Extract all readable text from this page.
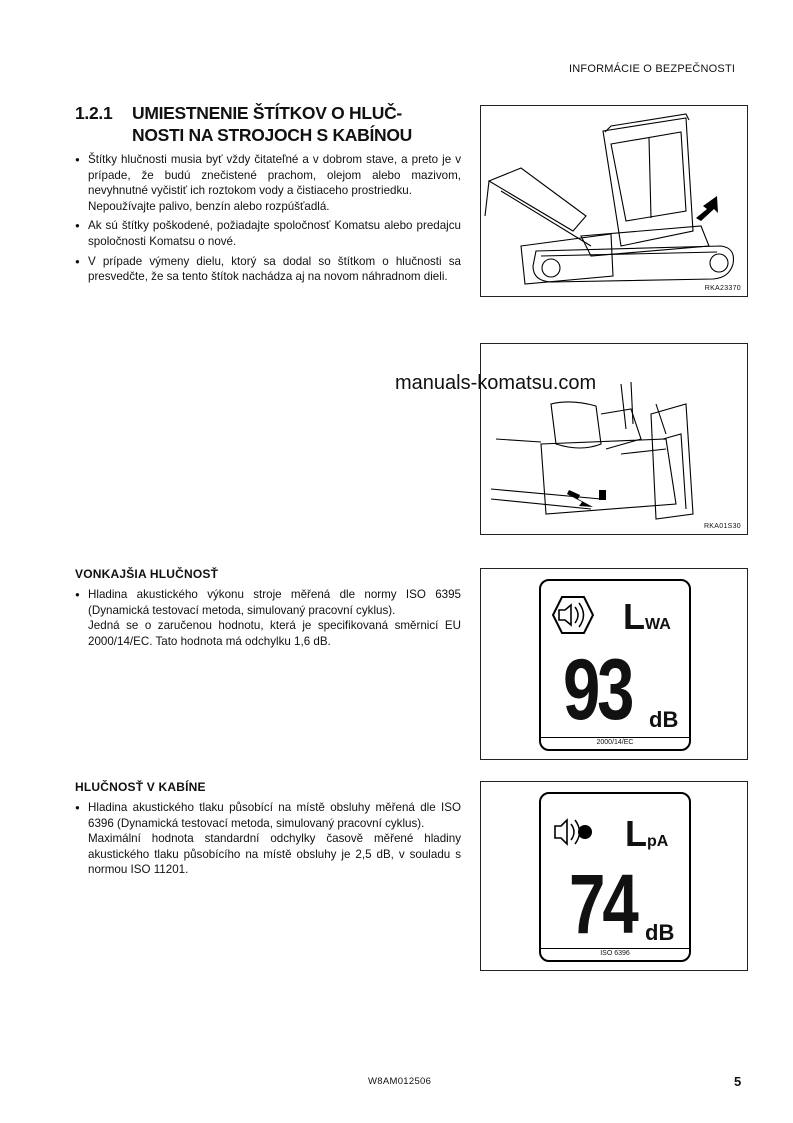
INFORMÁCIE O BEZPEČNOSTI
1.2.1 UMIESTNENIE ŠTÍTKOV O HLUČ-
NOSTI NA STROJOCH S KABÍNOU
● Štítky hlučnosti musia byť vždy čitateľné a v dobrom stave, a preto je v prípade, že budú znečistené prachom, olejom alebo mazivom, nevyhnutné vyčistiť ich roztokom vody a čistiaceho prostriedku.
Nepoužívajte palivo, benzín alebo rozpúšťadlá.
● Ak sú štítky poškodené, požiadajte spoločnosť Komatsu alebo predajcu spoločnosti Komatsu o nové.
● V prípade výmeny dielu, ktorý sa dodal so štítkom o hlučnosti sa presvedčte, že sa tento štítok nachádza aj na novom náhradnom dieli.
RKA23370
RKA01S30
manuals-komatsu.com
VONKAJŠIA HLUČNOSŤ
● Hladina akustického výkonu stroje měřená dle normy ISO 6395 (Dynamická testovací metoda, simulovaný pracovní cyklus).
Jedná se o zaručenou hodnotu, která je specifikovaná směrnicí EU 2000/14/EC. Tato hodnota má odchylku 1,6 dB.
LWA
93 dB
2000/14/EC
HLUČNOSŤ V KABÍNE
● Hladina akustického tlaku působící na místě obsluhy měřená dle ISO 6396 (Dynamická testovací metoda, simulovaný pracovní cyklus).
Maximální hodnota standardní odchylky časově měřené hladiny akustického tlaku působícího na místě obsluhy je 2,5 dB, v souladu s normou ISO 11201.
LpA
74 dB
ISO 6396
W8AM012506	5
